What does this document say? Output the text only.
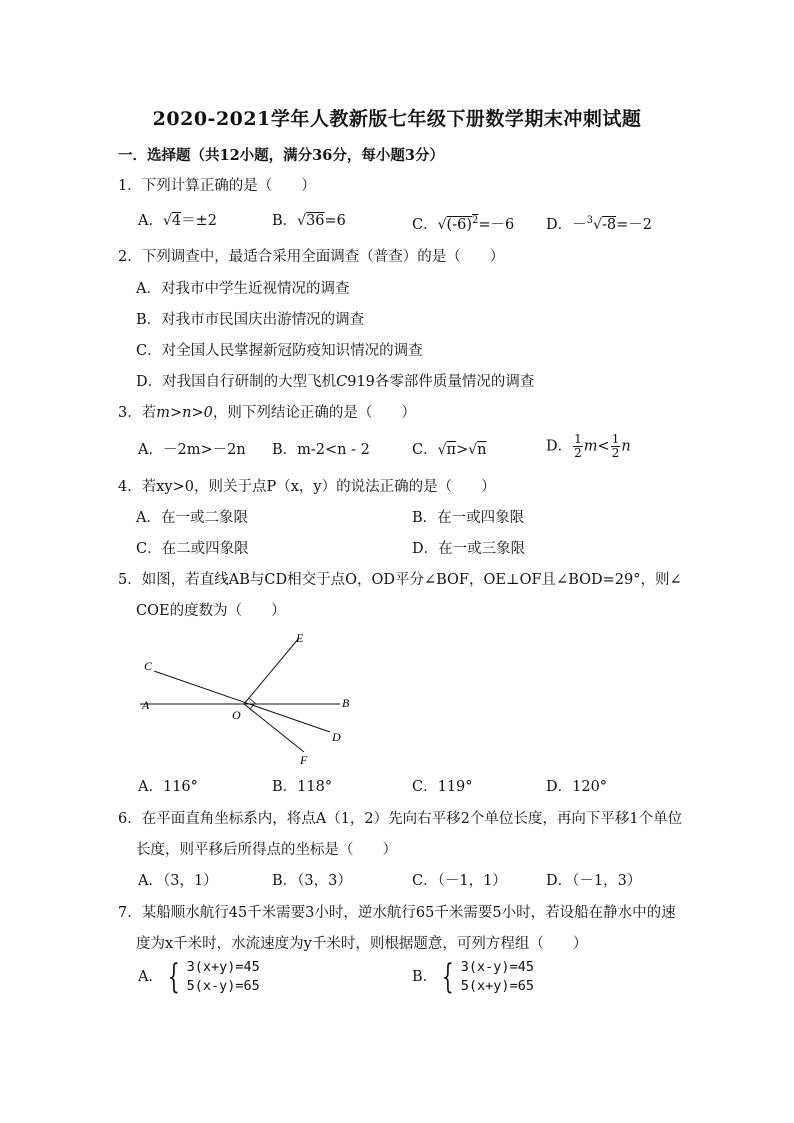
2020-2021学年人教新版七年级下册数学期末冲刺试题
一．选择题（共12小题，满分36分，每小题3分）
1．下列计算正确的是（　　）
A．√4＝±2	B．√36=6	C．$√(-6)^2=-6$ D．－$^3$√-8=－2
2．下列调查中，最适合采用全面调查（普查）的是（　　）
A．对我市中学生近视情况的调查
B．对我市市民国庆出游情况的调查
C．对全国人民掌握新冠防疫知识情况的调查
D．对我国自行研制的大型飞机C919各零部件质量情况的调查
3．若m>n>0，则下列结论正确的是（　　）
A．－2m>－2n B．m-2<n - 2	C．√π>√n	D． $\frac{1}{2} m< \frac{1}{2}$ n
4．若xy>0，则关于点P（x，y）的说法正确的是（　　）
A．在一或二象限	B．在一或四象限
C．在二或四象限	D．在一或三象限
5．如图，若直线AB与CD相交于点O，OD平分∠BOF，OE⊥OF且∠BOD=29°，则∠
COE的度数为（　　）
C
E
A
O
B
D
F
A．116°	B．118°	C．119°	D．120°
6．在平面直角坐标系内，将点A（1，2）先向右平移2个单位长度，再向下平移1个单位
长度，则平移后所得点的坐标是（　　）
A．（3，1）	B．（3，3）	C．（－1，1）	D．（－1，3）
7．某船顺水航行45千米需要3小时，逆水航行65千米需要5小时，若设船在静水中的速
度为x千米时，水流速度为y千米时，则根据题意，可列方程组（　　）
A． { 3(x+y)=45
5(x-y)=65
B． { 3(x-y)=45
5(x+y)=65
